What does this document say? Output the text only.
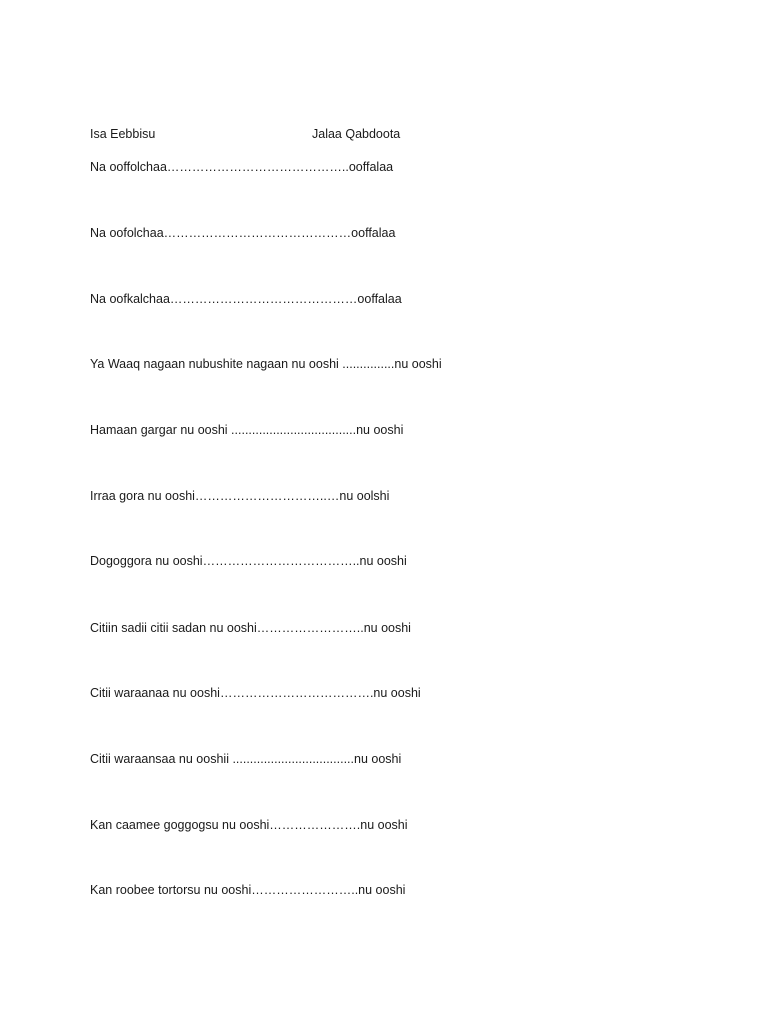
Isa Eebbisu	Jalaa Qabdoota
Na ooffolchaa……………………………………..ooffalaa
Na oofolchaa………………………………………ooffalaa
Na oofkalchaa………………………………………ooffalaa
Ya Waaq nagaan nubushite nagaan nu ooshi ...............nu ooshi
Hamaan gargar nu ooshi ....................................nu ooshi
Irraa gora nu ooshi…………………………..…nu oolshi
Dogoggora nu ooshi………………………………..nu ooshi
Citiin sadii citii sadan nu ooshi……………………..nu ooshi
Citii waraanaa nu ooshi……………………………….nu ooshi
Citii waraansaa nu ooshii ...................................nu ooshi
Kan caamee goggogsu nu ooshi………………….nu ooshi
Kan roobee tortorsu nu ooshi……………………..nu ooshi
